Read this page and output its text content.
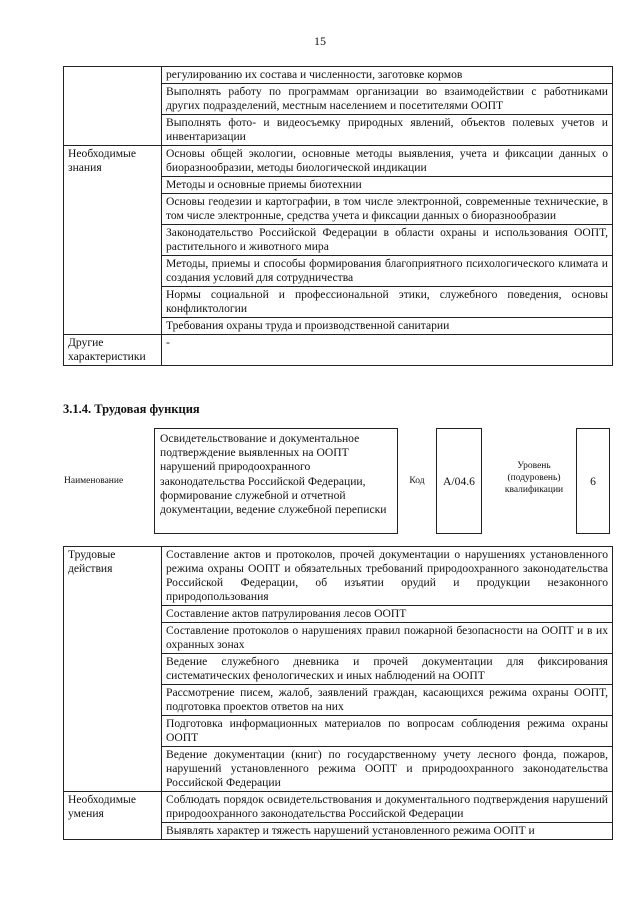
15
	регулированию их состава и численности, заготовке кормов
	Выполнять работу по программам организации во взаимодействии с работниками других подразделений, местным населением и посетителями ООПТ
	Выполнять фото- и видеосъемку природных явлений, объектов полевых учетов и инвентаризации
Необходимые знания	Основы общей экологии, основные методы выявления, учета и фиксации данных о биоразнообразии, методы биологической индикации
	Методы и основные приемы биотехнии
	Основы геодезии и картографии, в том числе электронной, современные технические, в том числе электронные, средства учета и фиксации данных о биоразнообразии
	Законодательство Российской Федерации в области охраны и использования ООПТ, растительного и животного мира
	Методы, приемы и способы формирования благоприятного психологического климата и создания условий для сотрудничества
	Нормы социальной и профессиональной этики, служебного поведения, основы конфликтологии
	Требования охраны труда и производственной санитарии
Другие характеристики	-
3.1.4. Трудовая функция
Наименование
Освидетельствование и документальное подтверждение выявленных на ООПТ нарушений природоохранного законодательства Российской Федерации, формирование служебной и отчетной документации, ведение служебной переписки
Код	A/04.6
Уровень (подуровень) квалификации
6
Трудовые действия	Составление актов и протоколов, прочей документации о нарушениях установленного режима охраны ООПТ и обязательных требований природоохранного законодательства Российской Федерации, об изъятии орудий и продукции незаконного природопользования
	Составление актов патрулирования лесов ООПТ
	Составление протоколов о нарушениях правил пожарной безопасности на ООПТ и в их охранных зонах
	Ведение служебного дневника и прочей документации для фиксирования систематических фенологических и иных наблюдений на ООПТ
	Рассмотрение писем, жалоб, заявлений граждан, касающихся режима охраны ООПТ, подготовка проектов ответов на них
	Подготовка информационных материалов по вопросам соблюдения режима охраны ООПТ
	Ведение документации (книг) по государственному учету лесного фонда, пожаров, нарушений установленного режима ООПТ и природоохранного законодательства Российской Федерации
Необходимые умения	Соблюдать порядок освидетельствования и документального подтверждения нарушений природоохранного законодательства Российской Федерации
	Выявлять характер и тяжесть нарушений установленного режима ООПТ и
